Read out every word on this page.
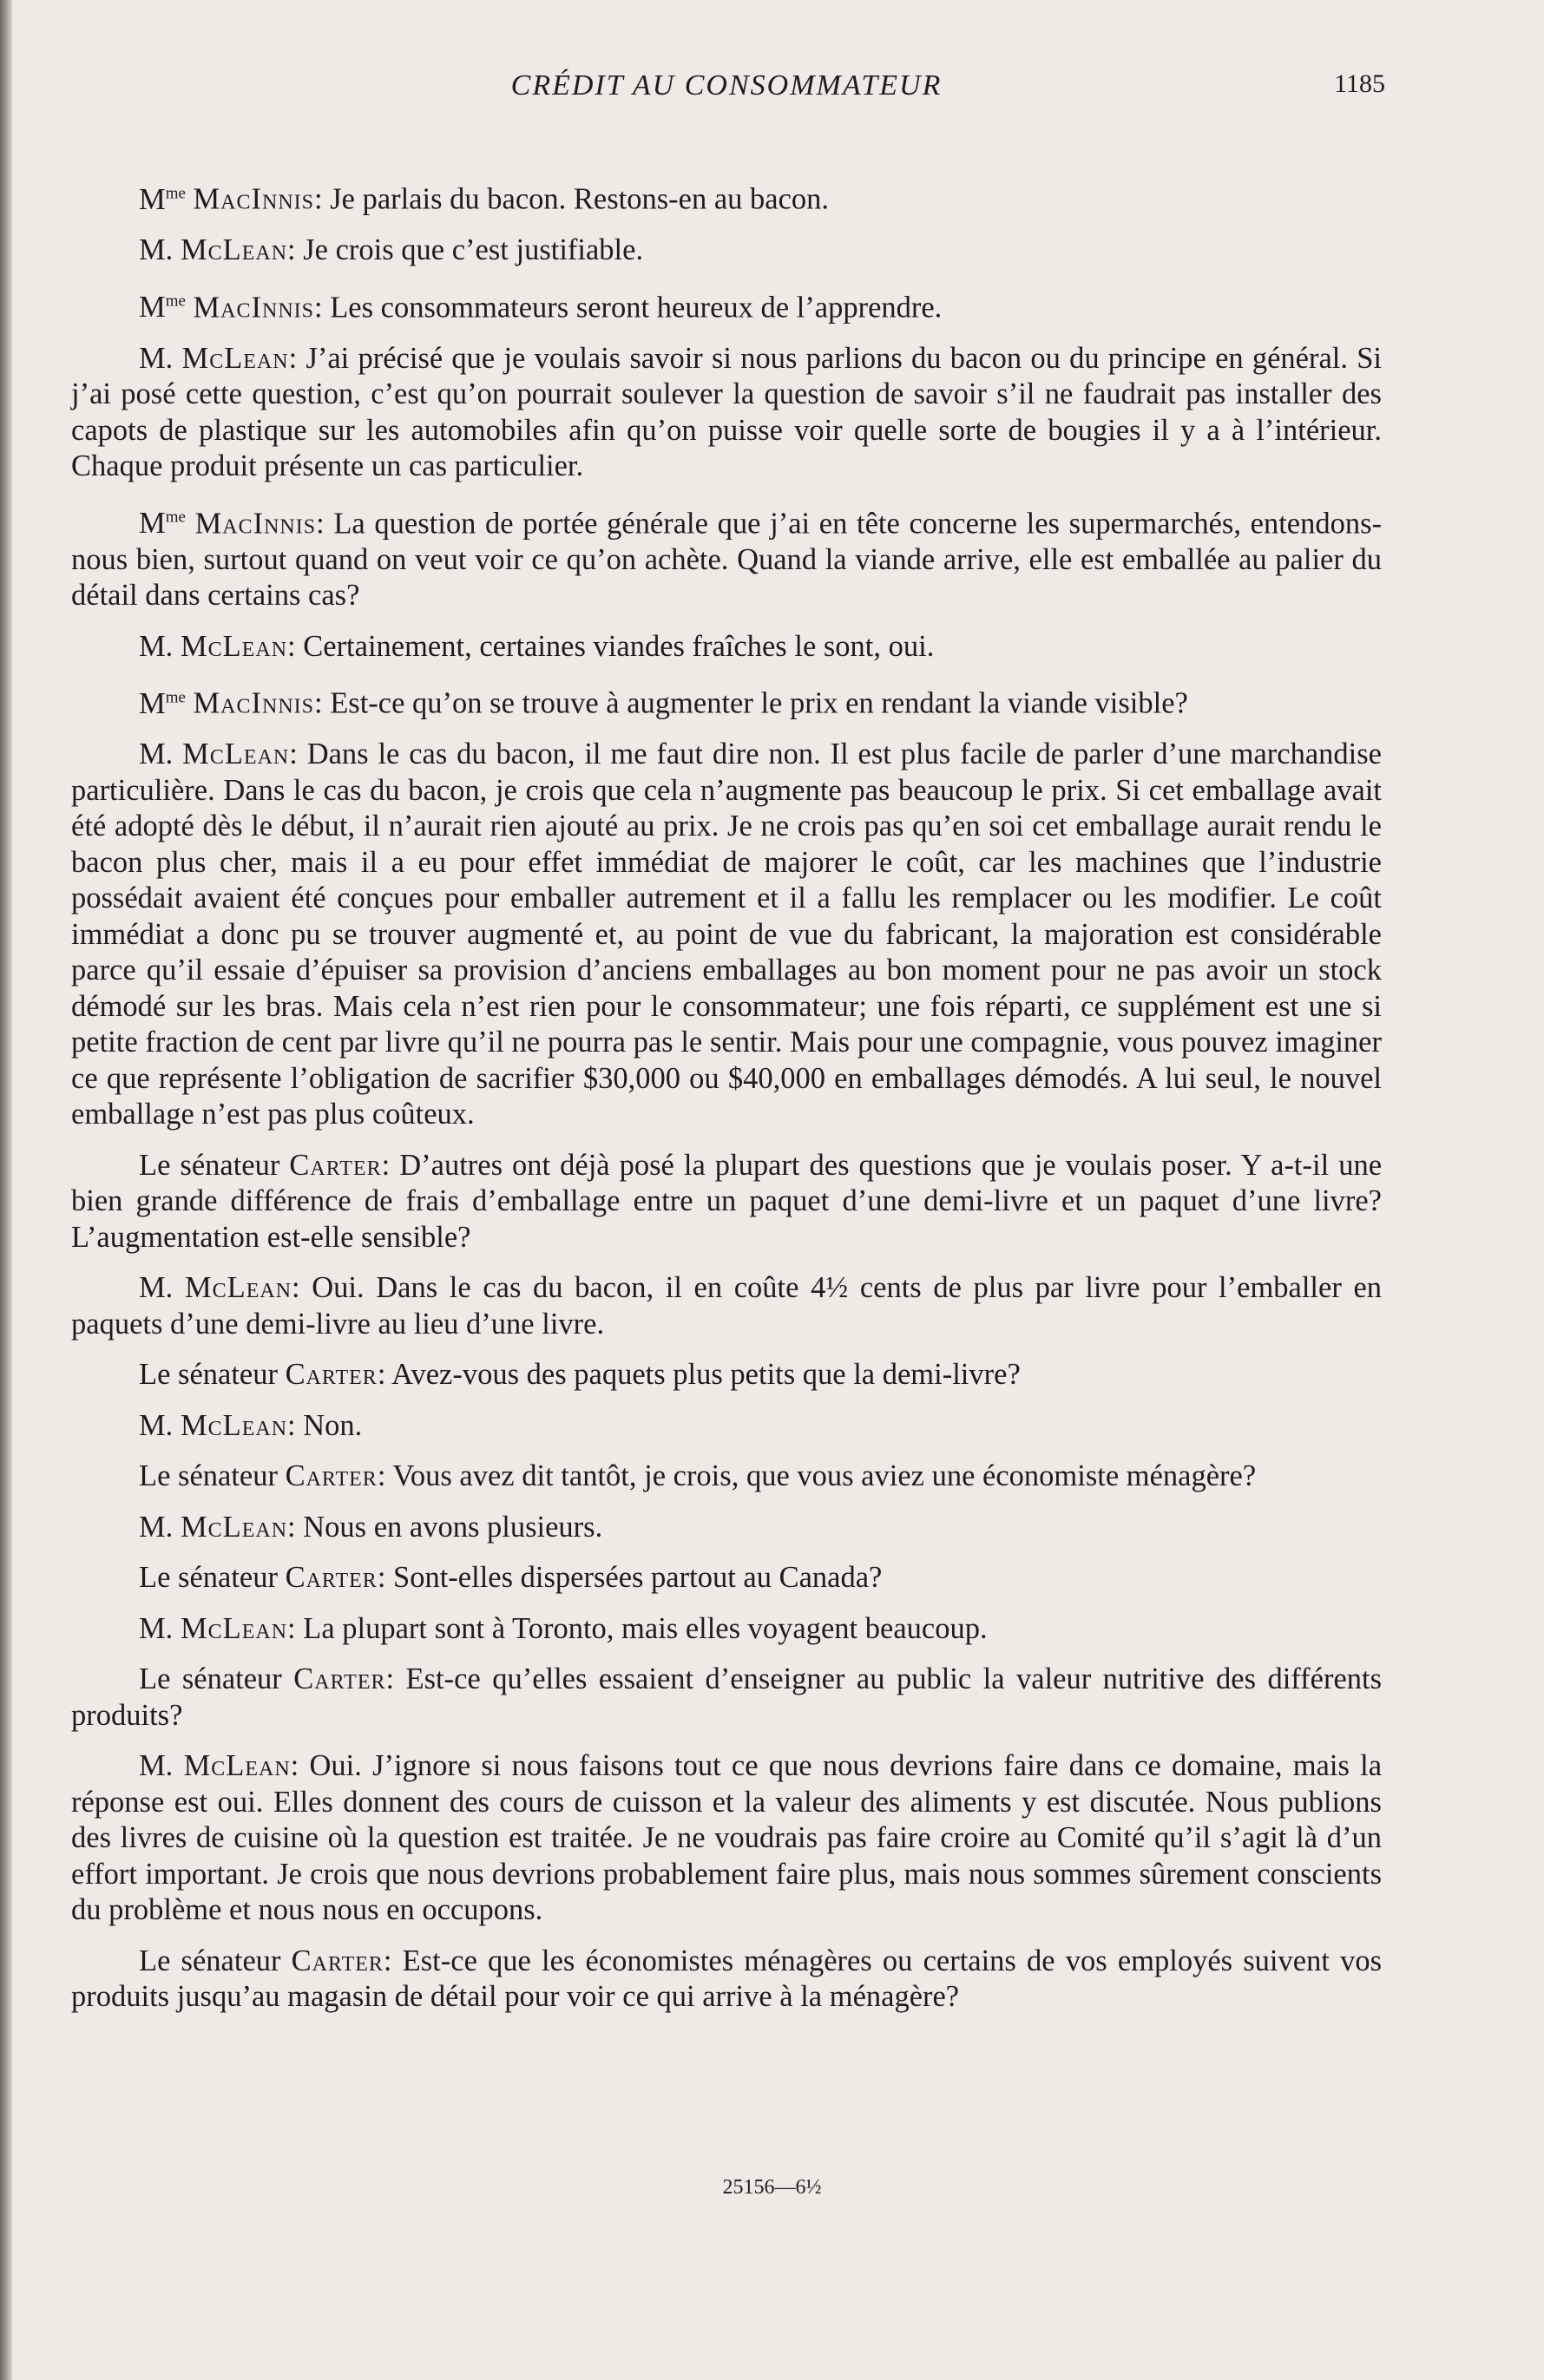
CRÉDIT AU CONSOMMATEUR	1185

$M^{me}$ MacInnis: Je parlais du bacon. Restons-en au bacon.

M. McLean: Je crois que c’est justifiable.

$M^{me}$ MacInnis: Les consommateurs seront heureux de l’apprendre.

M. McLean: J’ai précisé que je voulais savoir si nous parlions du bacon ou du principe en général. Si j’ai posé cette question, c’est qu’on pourrait soulever la question de savoir s’il ne faudrait pas installer des capots de plastique sur les automobiles afin qu’on puisse voir quelle sorte de bougies il y a à l’intérieur. Chaque produit présente un cas particulier.

$M^{me}$ MacInnis: La question de portée générale que j’ai en tête concerne les supermarchés, entendons-nous bien, surtout quand on veut voir ce qu’on achète. Quand la viande arrive, elle est emballée au palier du détail dans certains cas?

M. McLean: Certainement, certaines viandes fraîches le sont, oui.

$M^{me}$ MacInnis: Est-ce qu’on se trouve à augmenter le prix en rendant la viande visible?

M. McLean: Dans le cas du bacon, il me faut dire non. Il est plus facile de parler d’une marchandise particulière. Dans le cas du bacon, je crois que cela n’augmente pas beaucoup le prix. Si cet emballage avait été adopté dès le début, il n’aurait rien ajouté au prix. Je ne crois pas qu’en soi cet emballage aurait rendu le bacon plus cher, mais il a eu pour effet immédiat de majorer le coût, car les machines que l’industrie possédait avaient été conçues pour emballer autrement et il a fallu les remplacer ou les modifier. Le coût immédiat a donc pu se trouver augmenté et, au point de vue du fabricant, la majoration est considérable parce qu’il essaie d’épuiser sa provision d’anciens emballages au bon moment pour ne pas avoir un stock démodé sur les bras. Mais cela n’est rien pour le consommateur; une fois réparti, ce supplément est une si petite fraction de cent par livre qu’il ne pourra pas le sentir. Mais pour une compagnie, vous pouvez imaginer ce que représente l’obligation de sacrifier $30,000 ou $40,000 en emballages démodés. A lui seul, le nouvel emballage n’est pas plus coûteux.

Le sénateur Carter: D’autres ont déjà posé la plupart des questions que je voulais poser. Y a-t-il une bien grande différence de frais d’emballage entre un paquet d’une demi-livre et un paquet d’une livre? L’augmentation est-elle sensible?

M. McLean: Oui. Dans le cas du bacon, il en coûte 4½ cents de plus par livre pour l’emballer en paquets d’une demi-livre au lieu d’une livre.

Le sénateur Carter: Avez-vous des paquets plus petits que la demi-livre?

M. McLean: Non.

Le sénateur Carter: Vous avez dit tantôt, je crois, que vous aviez une économiste ménagère?

M. McLean: Nous en avons plusieurs.

Le sénateur Carter: Sont-elles dispersées partout au Canada?

M. McLean: La plupart sont à Toronto, mais elles voyagent beaucoup.

Le sénateur Carter: Est-ce qu’elles essaient d’enseigner au public la valeur nutritive des différents produits?

M. McLean: Oui. J’ignore si nous faisons tout ce que nous devrions faire dans ce domaine, mais la réponse est oui. Elles donnent des cours de cuisson et la valeur des aliments y est discutée. Nous publions des livres de cuisine où la question est traitée. Je ne voudrais pas faire croire au Comité qu’il s’agit là d’un effort important. Je crois que nous devrions probablement faire plus, mais nous sommes sûrement conscients du problème et nous nous en occupons.

Le sénateur Carter: Est-ce que les économistes ménagères ou certains de vos employés suivent vos produits jusqu’au magasin de détail pour voir ce qui arrive à la ménagère?

25156—6½
